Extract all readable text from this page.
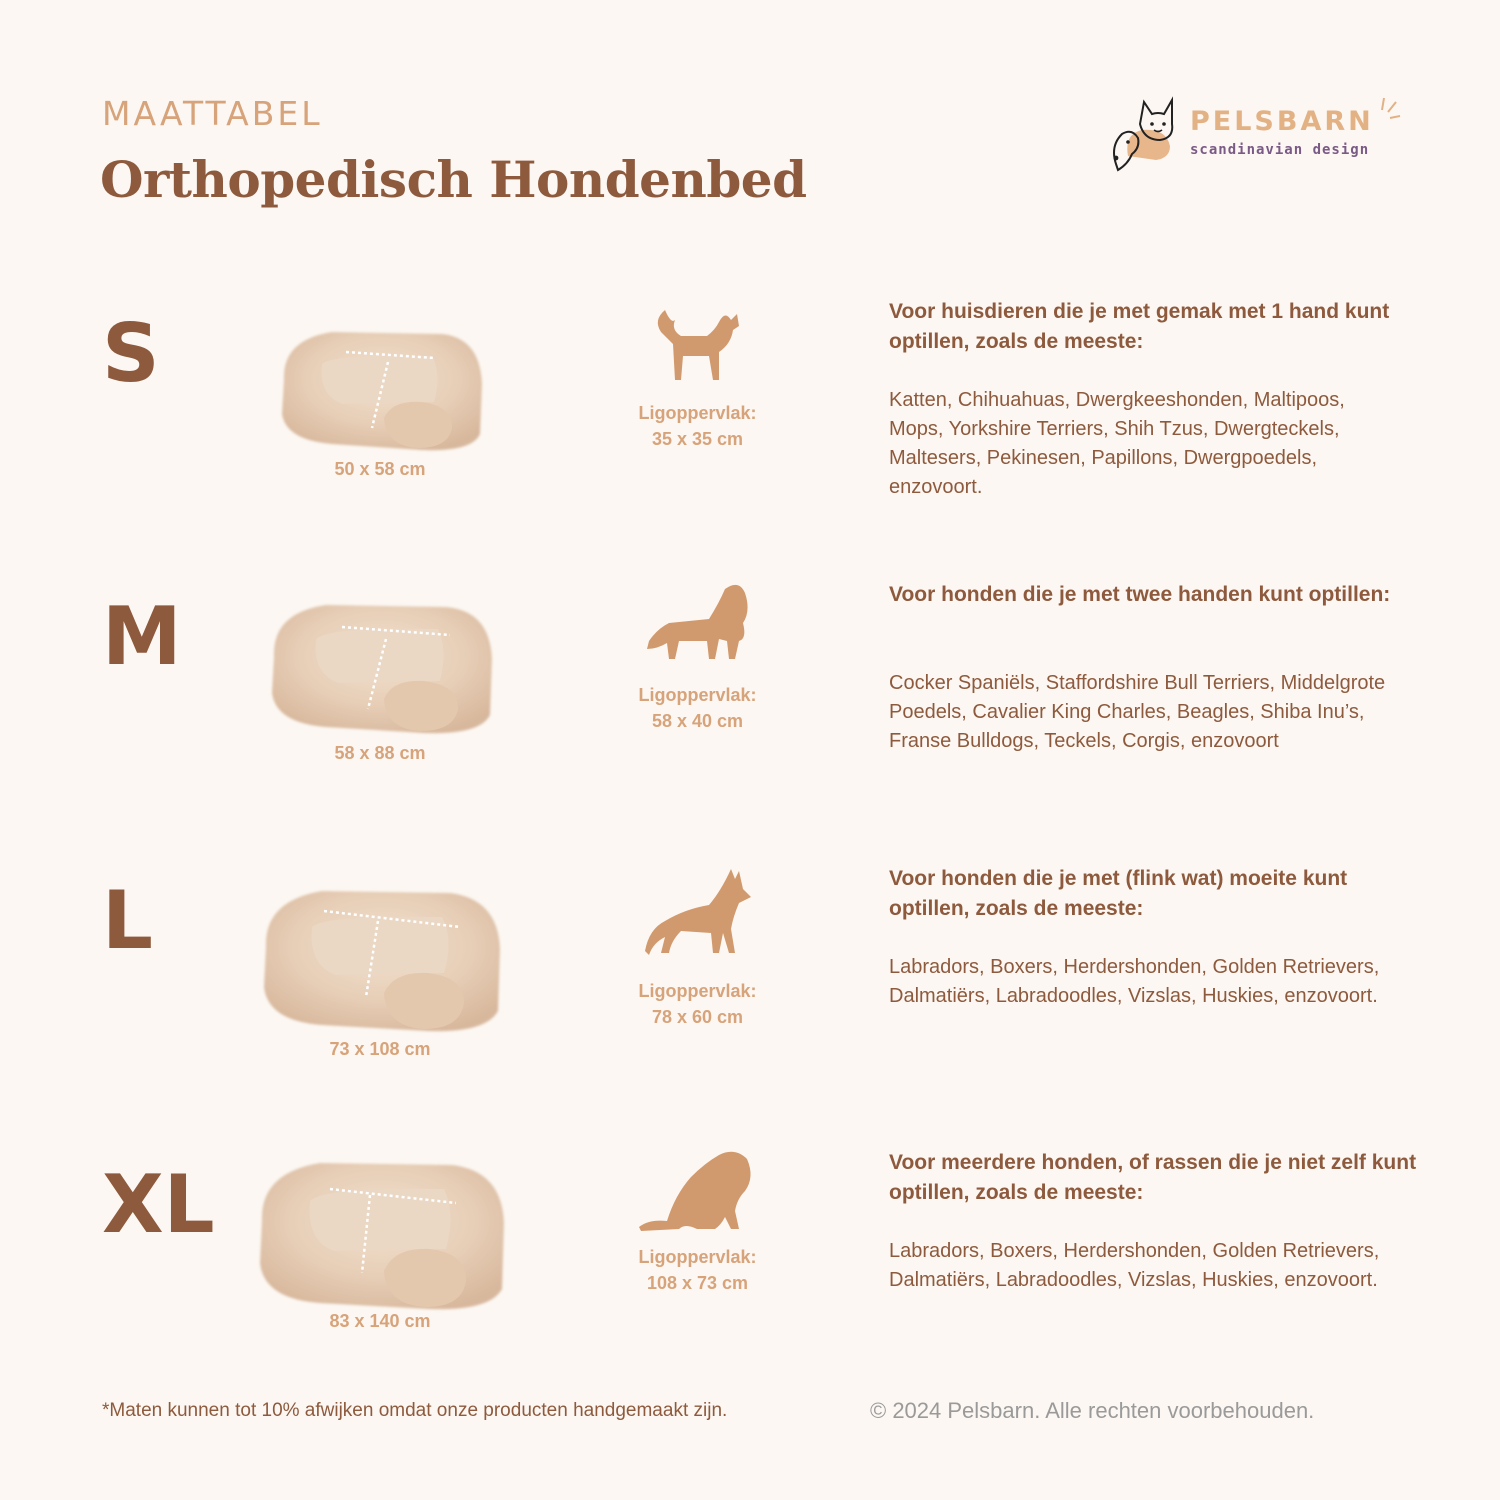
MAATTABEL
Orthopedisch Hondenbed
PELSBARN
scandinavian design
S
50 x 58 cm
Ligoppervlak:
35 x 35 cm
Voor huisdieren die je met gemak met 1 hand kunt optillen, zoals de meeste:
Katten, Chihuahuas, Dwergkeeshonden, Maltipoos, Mops, Yorkshire Terriers, Shih Tzus, Dwergteckels, Maltesers, Pekinesen, Papillons, Dwergpoedels, enzovoort.
M
58 x 88 cm
Ligoppervlak:
58 x 40 cm
Voor honden die je met twee handen kunt optillen:
Cocker Spaniëls, Staffordshire Bull Terriers, Middelgrote Poedels, Cavalier King Charles, Beagles, Shiba Inu’s, Franse Bulldogs, Teckels, Corgis, enzovoort
L
73 x 108 cm
Ligoppervlak:
78 x 60 cm
Voor honden die je met (flink wat) moeite kunt optillen, zoals de meeste:
Labradors, Boxers, Herdershonden, Golden Retrievers, Dalmatiërs, Labradoodles, Vizslas, Huskies, enzovoort.
XL
83 x 140 cm
Ligoppervlak:
108 x 73 cm
Voor meerdere honden, of rassen die je niet zelf kunt optillen, zoals de meeste:
Labradors, Boxers, Herdershonden, Golden Retrievers, Dalmatiërs, Labradoodles, Vizslas, Huskies, enzovoort.
*Maten kunnen tot 10% afwijken omdat onze producten handgemaakt zijn.	© 2024 Pelsbarn. Alle rechten voorbehouden.
